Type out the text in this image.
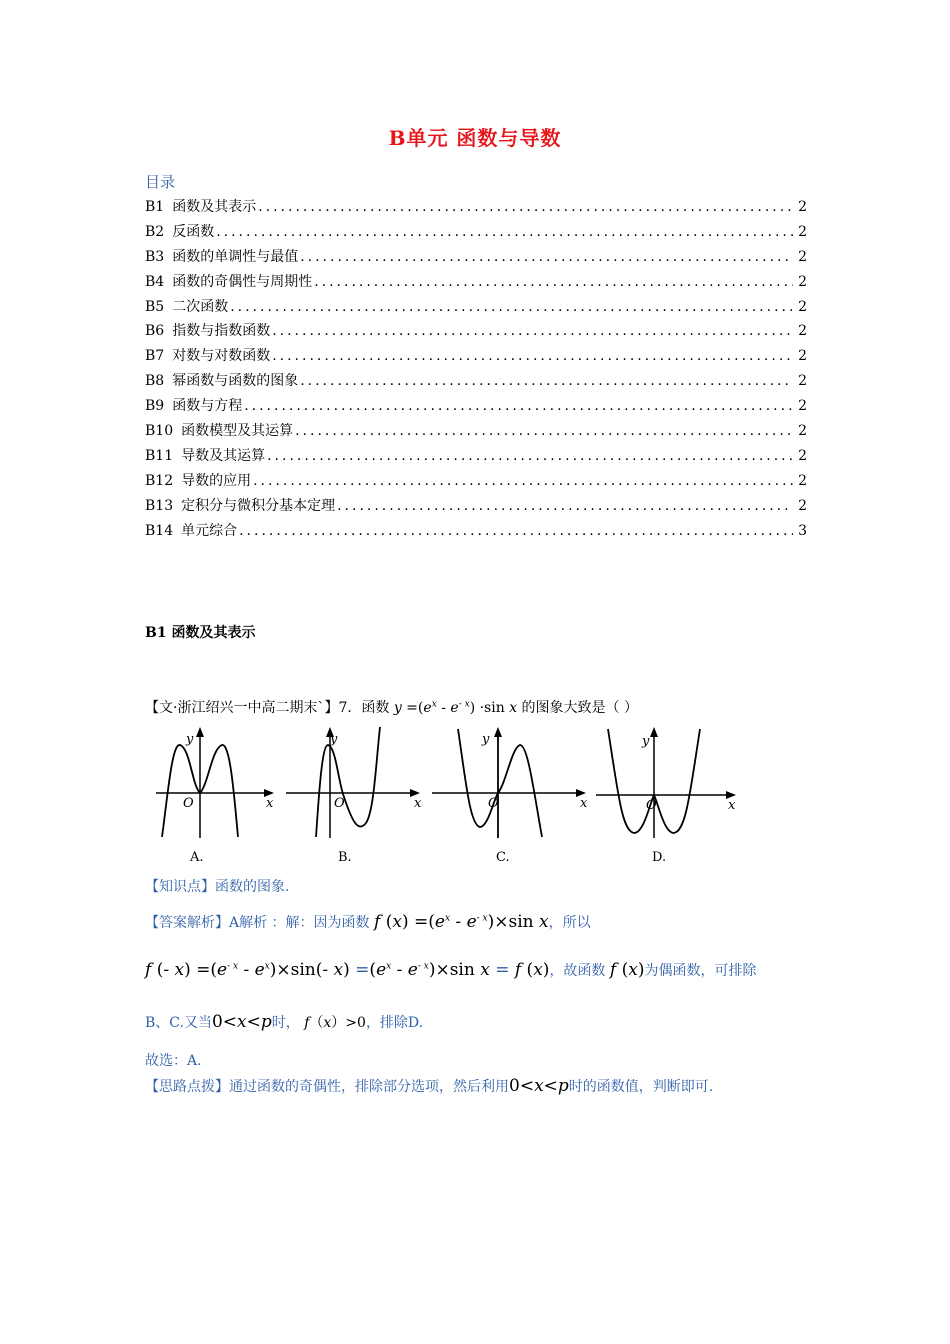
B单元 函数与导数
目录
B1 函数及其表示 .....	2
B2 反函数 .....	2
B3 函数的单调性与最值 .....	2
B4 函数的奇偶性与周期性 .....	2
B5 二次函数 .....	2
B6 指数与指数函数 .....	2
B7 对数与对数函数 .....	2
B8 幂函数与函数的图象 .....	2
B9 函数与方程 .....	2
B10 函数模型及其运算 .....	2
B11 导数及其运算 .....	2
B12 导数的应用 .....	2
B13 定积分与微积分基本定理 .....	2
B14 单元综合 .....	3
B1 函数及其表示
【文·浙江绍兴一中高二期末`】7．函数 $y =(e^x - e^{- x}) \cdot\sin$ x 的图象大致是（ ）
y
O	x
A.
y
O	x
B.
y
O	x
C.
y
O	x
D.
【知识点】函数的图象.
【答案解析】A解析 ：解：因为函数 f $(x) =(e^x - e^{- x})\times\sin$ x，所以
f (- $x) =(e^{- x} - e^x)\times\sin(-$ $x) =(e^x - e^{- x})\times\sin$ x = f (x)，故函数 f (x)为偶函数，可排除
B、C.又当0<x<p时， f（x）>0，排除D.
故选：A.
【思路点拨】通过函数的奇偶性，排除部分选项，然后利用0<x<p时的函数值，判断即可.
